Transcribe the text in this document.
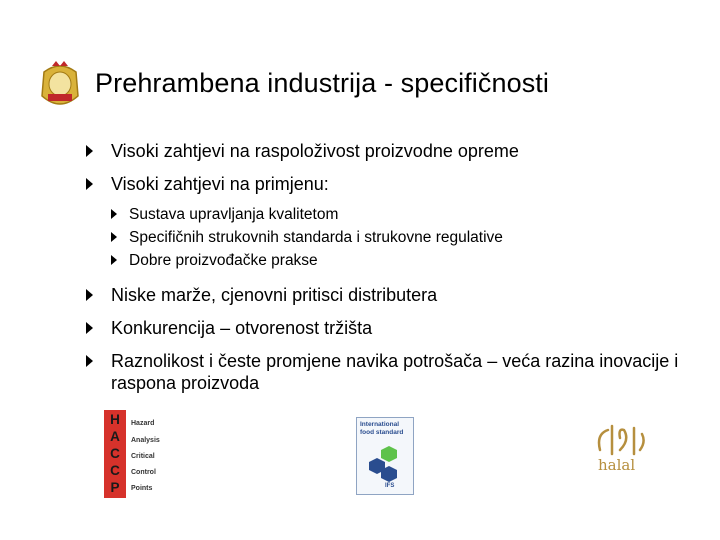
Prehrambena industrija - specifičnosti
Visoki zahtjevi na raspoloživost proizvodne opreme
Visoki zahtjevi na primjenu:
Sustava upravljanja kvalitetom
Specifičnih strukovnih standarda i strukovne regulative
Dobre proizvođačke prakse
Niske marže, cjenovni pritisci distributera
Konkurencija – otvorenost tržišta
Raznolikost i česte promjene navika potrošača – veća razina inovacije i raspona proizvoda
H
A
C
C
P
Hazard
Analysis
Critical
Control
Points
International food standard
IFS
halal
